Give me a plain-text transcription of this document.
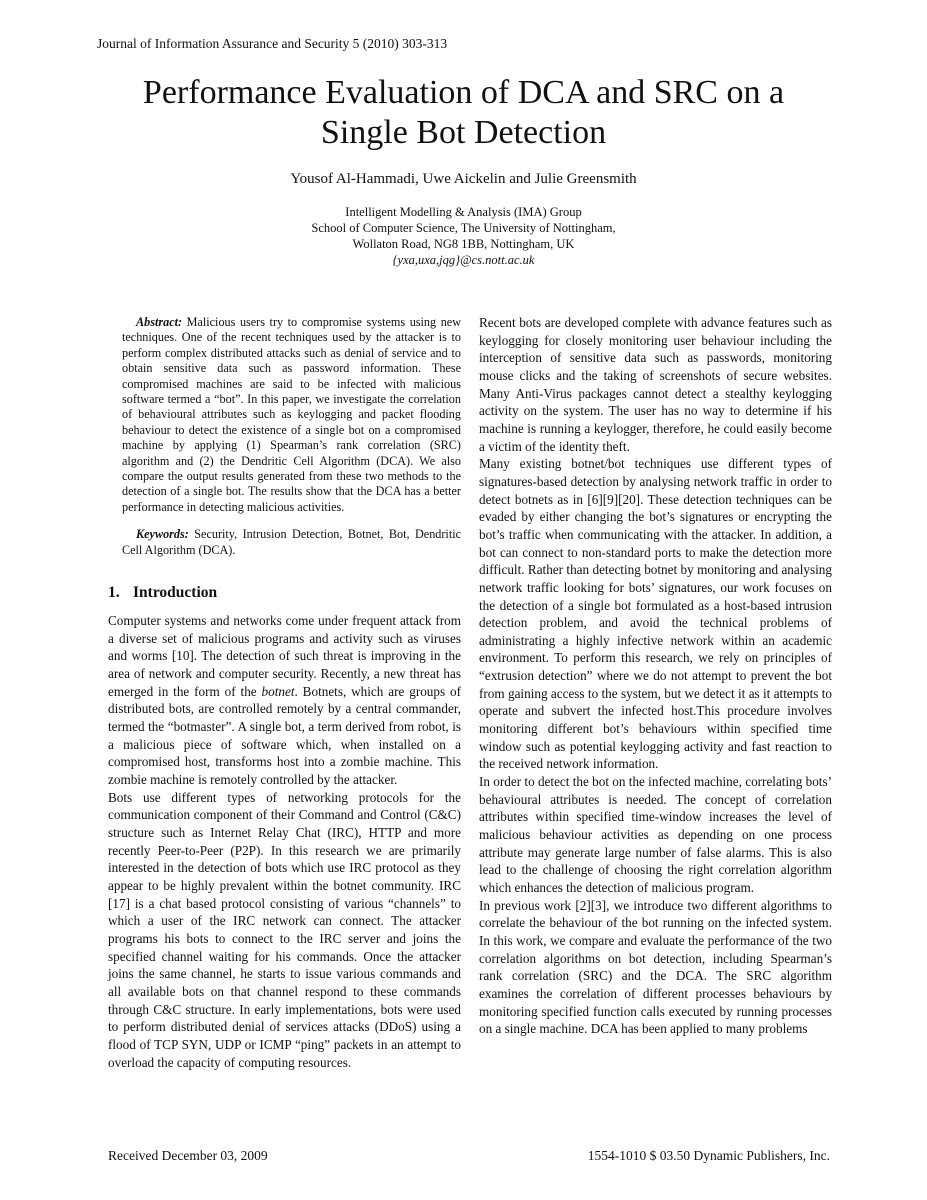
Journal of Information Assurance and Security 5 (2010) 303-313
Performance Evaluation of DCA and SRC on a
Single Bot Detection
Yousof Al-Hammadi, Uwe Aickelin and Julie Greensmith
Intelligent Modelling & Analysis (IMA) Group
School of Computer Science, The University of Nottingham,
Wollaton Road, NG8 1BB, Nottingham, UK
{yxa,uxa,jqg}@cs.nott.ac.uk

Abstract: Malicious users try to compromise systems using new techniques. One of the recent techniques used by the attacker is to perform complex distributed attacks such as denial of service and to obtain sensitive data such as password information. These compromised machines are said to be infected with malicious software termed a “bot”. In this paper, we investigate the correlation of behavioural attributes such as keylogging and packet flooding behaviour to detect the existence of a single bot on a compromised machine by applying (1) Spearman’s rank correlation (SRC) algorithm and (2) the Dendritic Cell Algorithm (DCA). We also compare the output results generated from these two methods to the detection of a single bot. The results show that the DCA has a better performance in detecting malicious activities.

Keywords: Security, Intrusion Detection, Botnet, Bot, Dendritic Cell Algorithm (DCA).

1. Introduction

Computer systems and networks come under frequent attack from a diverse set of malicious programs and activity such as viruses and worms [10]. The detection of such threat is improving in the area of network and computer security. Recently, a new threat has emerged in the form of the botnet. Botnets, which are groups of distributed bots, are controlled remotely by a central commander, termed the “botmaster”. A single bot, a term derived from robot, is a malicious piece of software which, when installed on a compromised host, transforms host into a zombie machine. This zombie machine is remotely controlled by the attacker.

Bots use different types of networking protocols for the communication component of their Command and Control (C&C) structure such as Internet Relay Chat (IRC), HTTP and more recently Peer-to-Peer (P2P). In this research we are primarily interested in the detection of bots which use IRC protocol as they appear to be highly prevalent within the botnet community. IRC [17] is a chat based protocol consisting of various “channels” to which a user of the IRC network can connect. The attacker programs his bots to connect to the IRC server and joins the specified channel waiting for his commands. Once the attacker joins the same channel, he starts to issue various commands and all available bots on that channel respond to these commands through C&C structure. In early implementations, bots were used to perform distributed denial of services attacks (DDoS) using a flood of TCP SYN, UDP or ICMP “ping” packets in an attempt to overload the capacity of computing resources.

Recent bots are developed complete with advance features such as keylogging for closely monitoring user behaviour including the interception of sensitive data such as passwords, monitoring mouse clicks and the taking of screenshots of secure websites. Many Anti-Virus packages cannot detect a stealthy keylogging activity on the system. The user has no way to determine if his machine is running a keylogger, therefore, he could easily become a victim of the identity theft.

Many existing botnet/bot techniques use different types of signatures-based detection by analysing network traffic in order to detect botnets as in [6][9][20]. These detection techniques can be evaded by either changing the bot’s signatures or encrypting the bot’s traffic when communicating with the attacker. In addition, a bot can connect to non-standard ports to make the detection more difficult. Rather than detecting botnet by monitoring and analysing network traffic looking for bots’ signatures, our work focuses on the detection of a single bot formulated as a host-based intrusion detection problem, and avoid the technical problems of administrating a highly infective network within an academic environment. To perform this research, we rely on principles of “extrusion detection” where we do not attempt to prevent the bot from gaining access to the system, but we detect it as it attempts to operate and subvert the infected host.This procedure involves monitoring different bot’s behaviours within specified time window such as potential keylogging activity and fast reaction to the received network information.

In order to detect the bot on the infected machine, correlating bots’ behavioural attributes is needed. The concept of correlation attributes within specified time-window increases the level of malicious behaviour activities as depending on one process attribute may generate large number of false alarms. This is also lead to the challenge of choosing the right correlation algorithm which enhances the detection of malicious program.

In previous work [2][3], we introduce two different algorithms to correlate the behaviour of the bot running on the infected system. In this work, we compare and evaluate the performance of the two correlation algorithms on bot detection, including Spearman’s rank correlation (SRC) and the DCA. The SRC algorithm examines the correlation of different processes behaviours by monitoring specified function calls executed by running processes on a single machine. DCA has been applied to many problems

Received December 03, 2009	1554-1010 $ 03.50 Dynamic Publishers, Inc.
